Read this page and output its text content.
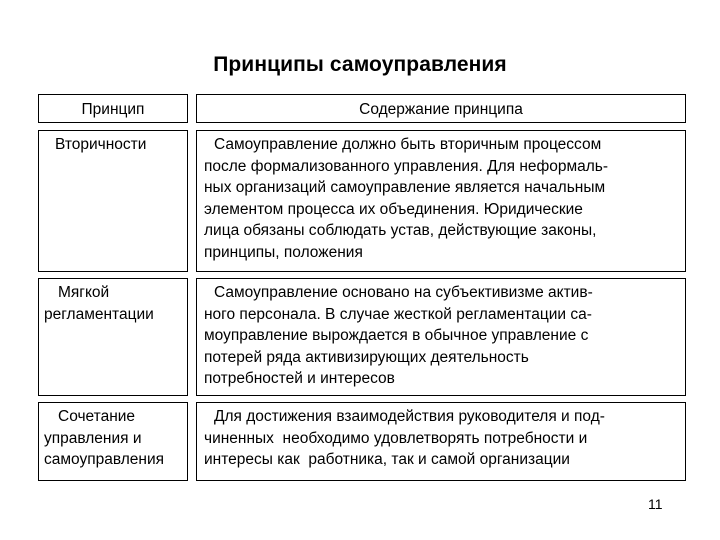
Принципы самоуправления
Принцип	Содержание принципа
Вторичности	Самоуправление должно быть вторичным процессом
после формализованного управления. Для неформаль-
ных организаций самоуправление является начальным
элементом процесса их объединения. Юридические
лица обязаны соблюдать устав, действующие законы,
принципы, положения
Мягкой
регламентации
Самоуправление основано на субъективизме актив-
ного персонала. В случае жесткой регламентации са-
моуправление вырождается в обычное управление с
потерей ряда активизирующих деятельность
потребностей и интересов
Сочетание
управления и
самоуправления
Для достижения взаимодействия руководителя и под-
чиненных  необходимо удовлетворять потребности и
интересы как  работника, так и самой организации
11
